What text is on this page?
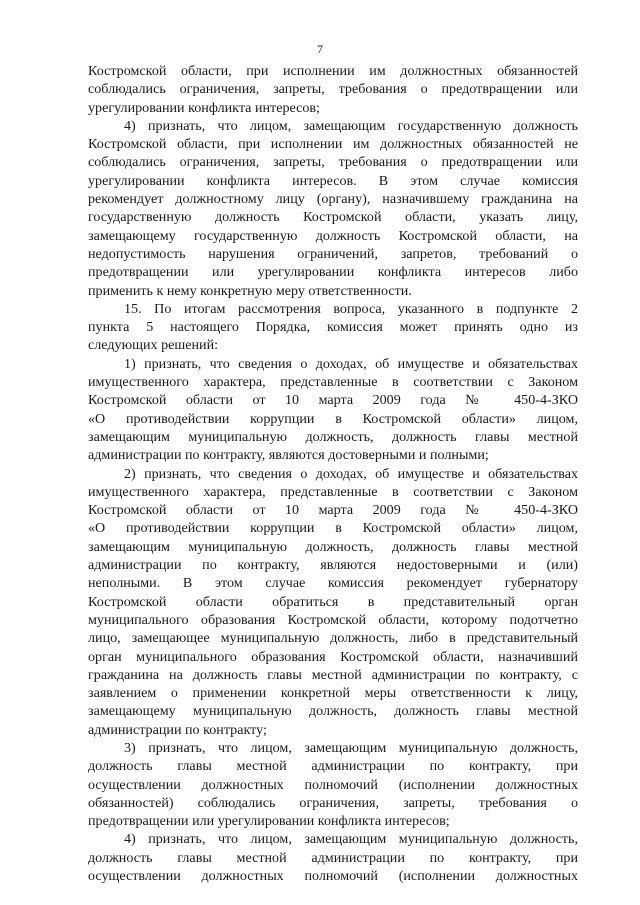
7

Костромской области, при исполнении им должностных обязанностей

соблюдались ограничения, запреты, требования о предотвращении или

урегулировании конфликта интересов;

4) признать, что лицом, замещающим государственную должность

Костромской области, при исполнении им должностных обязанностей не

соблюдались ограничения, запреты, требования о предотвращении или

урегулировании конфликта интересов. В этом случае комиссия

рекомендует должностному лицу (органу), назначившему гражданина на

государственную должность Костромской области, указать лицу,

замещающему государственную должность Костромской области, на

недопустимость нарушения ограничений, запретов, требований о

предотвращении или урегулировании конфликта интересов либо

применить к нему конкретную меру ответственности.

15. По итогам рассмотрения вопроса, указанного в подпункте 2

пункта 5 настоящего Порядка, комиссия может принять одно из

следующих решений:

1) признать, что сведения о доходах, об имуществе и обязательствах

имущественного характера, представленные в соответствии с Законом

Костромской области от 10 марта 2009 года № 450-4-ЗКО

«О противодействии коррупции в Костромской области» лицом,

замещающим муниципальную должность, должность главы местной

администрации по контракту, являются достоверными и полными;

2) признать, что сведения о доходах, об имуществе и обязательствах

имущественного характера, представленные в соответствии с Законом

Костромской области от 10 марта 2009 года № 450-4-ЗКО

«О противодействии коррупции в Костромской области» лицом,

замещающим муниципальную должность, должность главы местной

администрации по контракту, являются недостоверными и (или)

неполными. В этом случае комиссия рекомендует губернатору

Костромской области обратиться в представительный орган

муниципального образования Костромской области, которому подотчетно

лицо, замещающее муниципальную должность, либо в представительный

орган муниципального образования Костромской области, назначивший

гражданина на должность главы местной администрации по контракту, с

заявлением о применении конкретной меры ответственности к лицу,

замещающему муниципальную должность, должность главы местной

администрации по контракту;

3) признать, что лицом, замещающим муниципальную должность,

должность главы местной администрации по контракту, при

осуществлении должностных полномочий (исполнении должностных

обязанностей) соблюдались ограничения, запреты, требования о

предотвращении или урегулировании конфликта интересов;

4) признать, что лицом, замещающим муниципальную должность,

должность главы местной администрации по контракту, при

осуществлении должностных полномочий (исполнении должностных
